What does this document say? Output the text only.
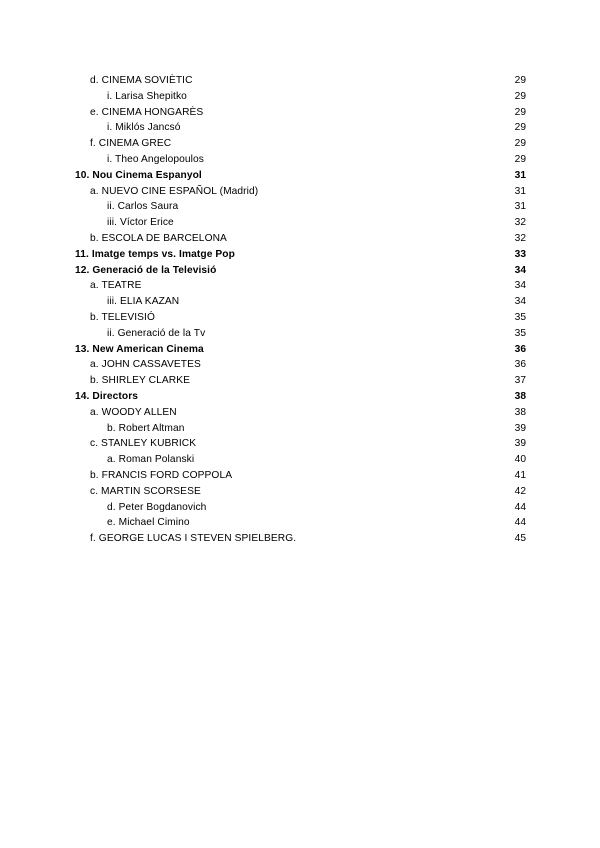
d. CINEMA SOVIÈTIC	29
i. Larisa Shepitko	29
e. CINEMA HONGARÈS	29
i. Miklós Jancsó	29
f. CINEMA GREC	29
i. Theo Angelopoulos	29
10. Nou Cinema Espanyol	31
a. NUEVO CINE ESPAÑOL (Madrid)	31
ii. Carlos Saura	31
iii. Víctor Erice	32
b. ESCOLA DE BARCELONA	32
11. Imatge temps vs. Imatge Pop	33
12. Generació de la Televisió	34
a. TEATRE	34
iii. ELIA KAZAN	34
b. TELEVISIÓ	35
ii. Generació de la Tv	35
13. New American Cinema	36
a. JOHN CASSAVETES	36
b. SHIRLEY CLARKE	37
14. Directors	38
a. WOODY ALLEN	38
b. Robert Altman	39
c. STANLEY KUBRICK	39
a. Roman Polanski	40
b. FRANCIS FORD COPPOLA	41
c. MARTIN SCORSESE	42
d. Peter Bogdanovich	44
e. Michael Cimino	44
f. GEORGE LUCAS I STEVEN SPIELBERG.	45
